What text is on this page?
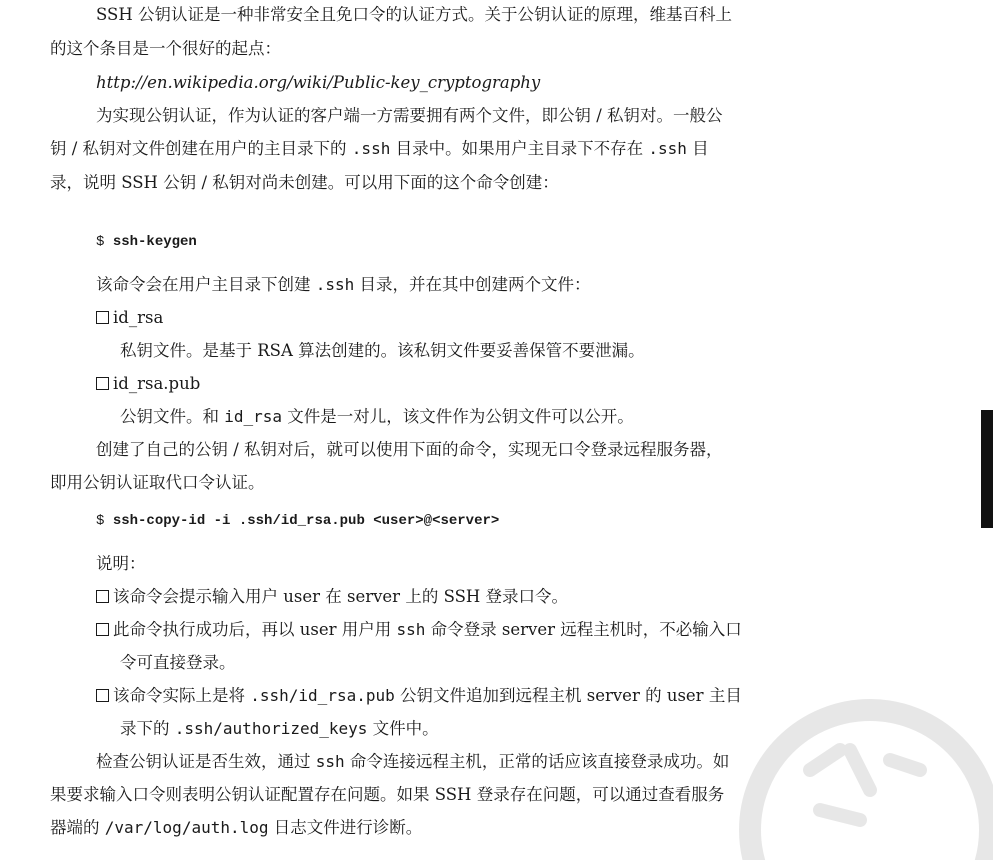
SSH 公钥认证是一种非常安全且免口令的认证方式。关于公钥认证的原理，维基百科上
的这个条目是一个很好的起点：
http://en.wikipedia.org/wiki/Public-key_cryptography
为实现公钥认证，作为认证的客户端一方需要拥有两个文件，即公钥 / 私钥对。一般公
钥 / 私钥对文件创建在用户的主目录下的 .ssh 目录中。如果用户主目录下不存在 .ssh 目
录，说明 SSH 公钥 / 私钥对尚未创建。可以用下面的这个命令创建：
$ ssh-keygen
该命令会在用户主目录下创建 .ssh 目录，并在其中创建两个文件：
id_rsa
私钥文件。是基于 RSA 算法创建的。该私钥文件要妥善保管不要泄漏。
id_rsa.pub
公钥文件。和 id_rsa 文件是一对儿，该文件作为公钥文件可以公开。
创建了自己的公钥 / 私钥对后，就可以使用下面的命令，实现无口令登录远程服务器，
即用公钥认证取代口令认证。
$ ssh-copy-id -i .ssh/id_rsa.pub <user>@<server>
说明：
该命令会提示输入用户 user 在 server 上的 SSH 登录口令。
此命令执行成功后，再以 user 用户用 ssh 命令登录 server 远程主机时，不必输入口
令可直接登录。
该命令实际上是将 .ssh/id_rsa.pub 公钥文件追加到远程主机 server 的 user 主目
录下的 .ssh/authorized_keys 文件中。
检查公钥认证是否生效，通过 ssh 命令连接远程主机，正常的话应该直接登录成功。如
果要求输入口令则表明公钥认证配置存在问题。如果 SSH 登录存在问题，可以通过查看服务
器端的 /var/log/auth.log 日志文件进行诊断。
